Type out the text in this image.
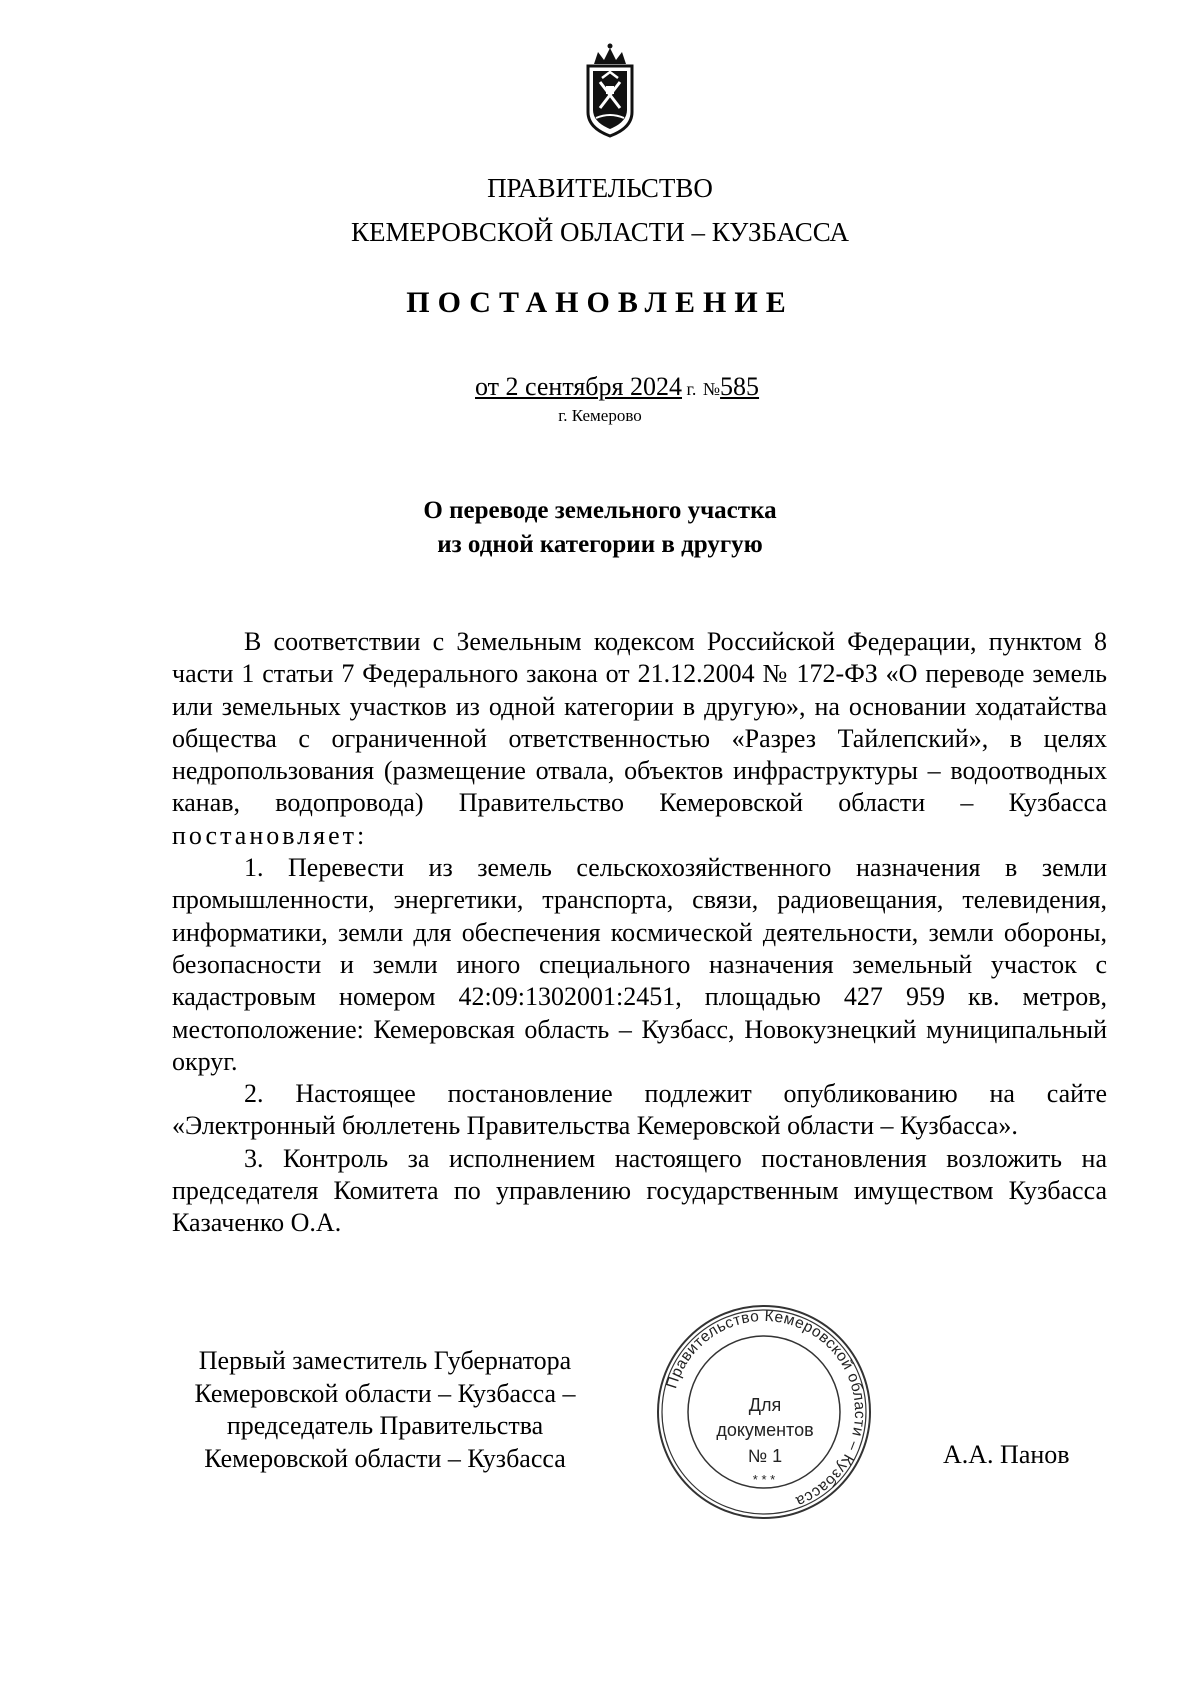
ПРАВИТЕЛЬСТВО
КЕМЕРОВСКОЙ ОБЛАСТИ – КУЗБАССА
ПОСТАНОВЛЕНИЕ
от 2 сентября 2024 г. №585
г. Кемерово
О переводе земельного участка
из одной категории в другую

В соответствии с Земельным кодексом Российской Федерации, пунктом 8 части 1 статьи 7 Федерального закона от 21.12.2004 № 172-ФЗ «О переводе земель или земельных участков из одной категории в другую», на основании ходатайства общества с ограниченной ответственностью «Разрез Тайлепский», в целях недропользования (размещение отвала, объектов инфраструктуры – водоотводных канав, водопровода) Правительство Кемеровской области – Кузбасса постановляет:

1. Перевести из земель сельскохозяйственного назначения в земли промышленности, энергетики, транспорта, связи, радиовещания, телевидения, информатики, земли для обеспечения космической деятельности, земли обороны, безопасности и земли иного специального назначения земельный участок с кадастровым номером 42:09:1302001:2451, площадью 427 959 кв. метров, местоположение: Кемеровская область – Кузбасс, Новокузнецкий муниципальный округ.

2. Настоящее постановление подлежит опубликованию на сайте «Электронный бюллетень Правительства Кемеровской области – Кузбасса».

3. Контроль за исполнением настоящего постановления возложить на председателя Комитета по управлению государственным имуществом Кузбасса Казаченко О.А.

Первый заместитель Губернатора
Кемеровской области – Кузбасса –
председатель Правительства
Кемеровской области – Кузбасса
Правительство Кемеровской области – Кузбасса
* * *
Для
документов
№ 1	А.А. Панов
